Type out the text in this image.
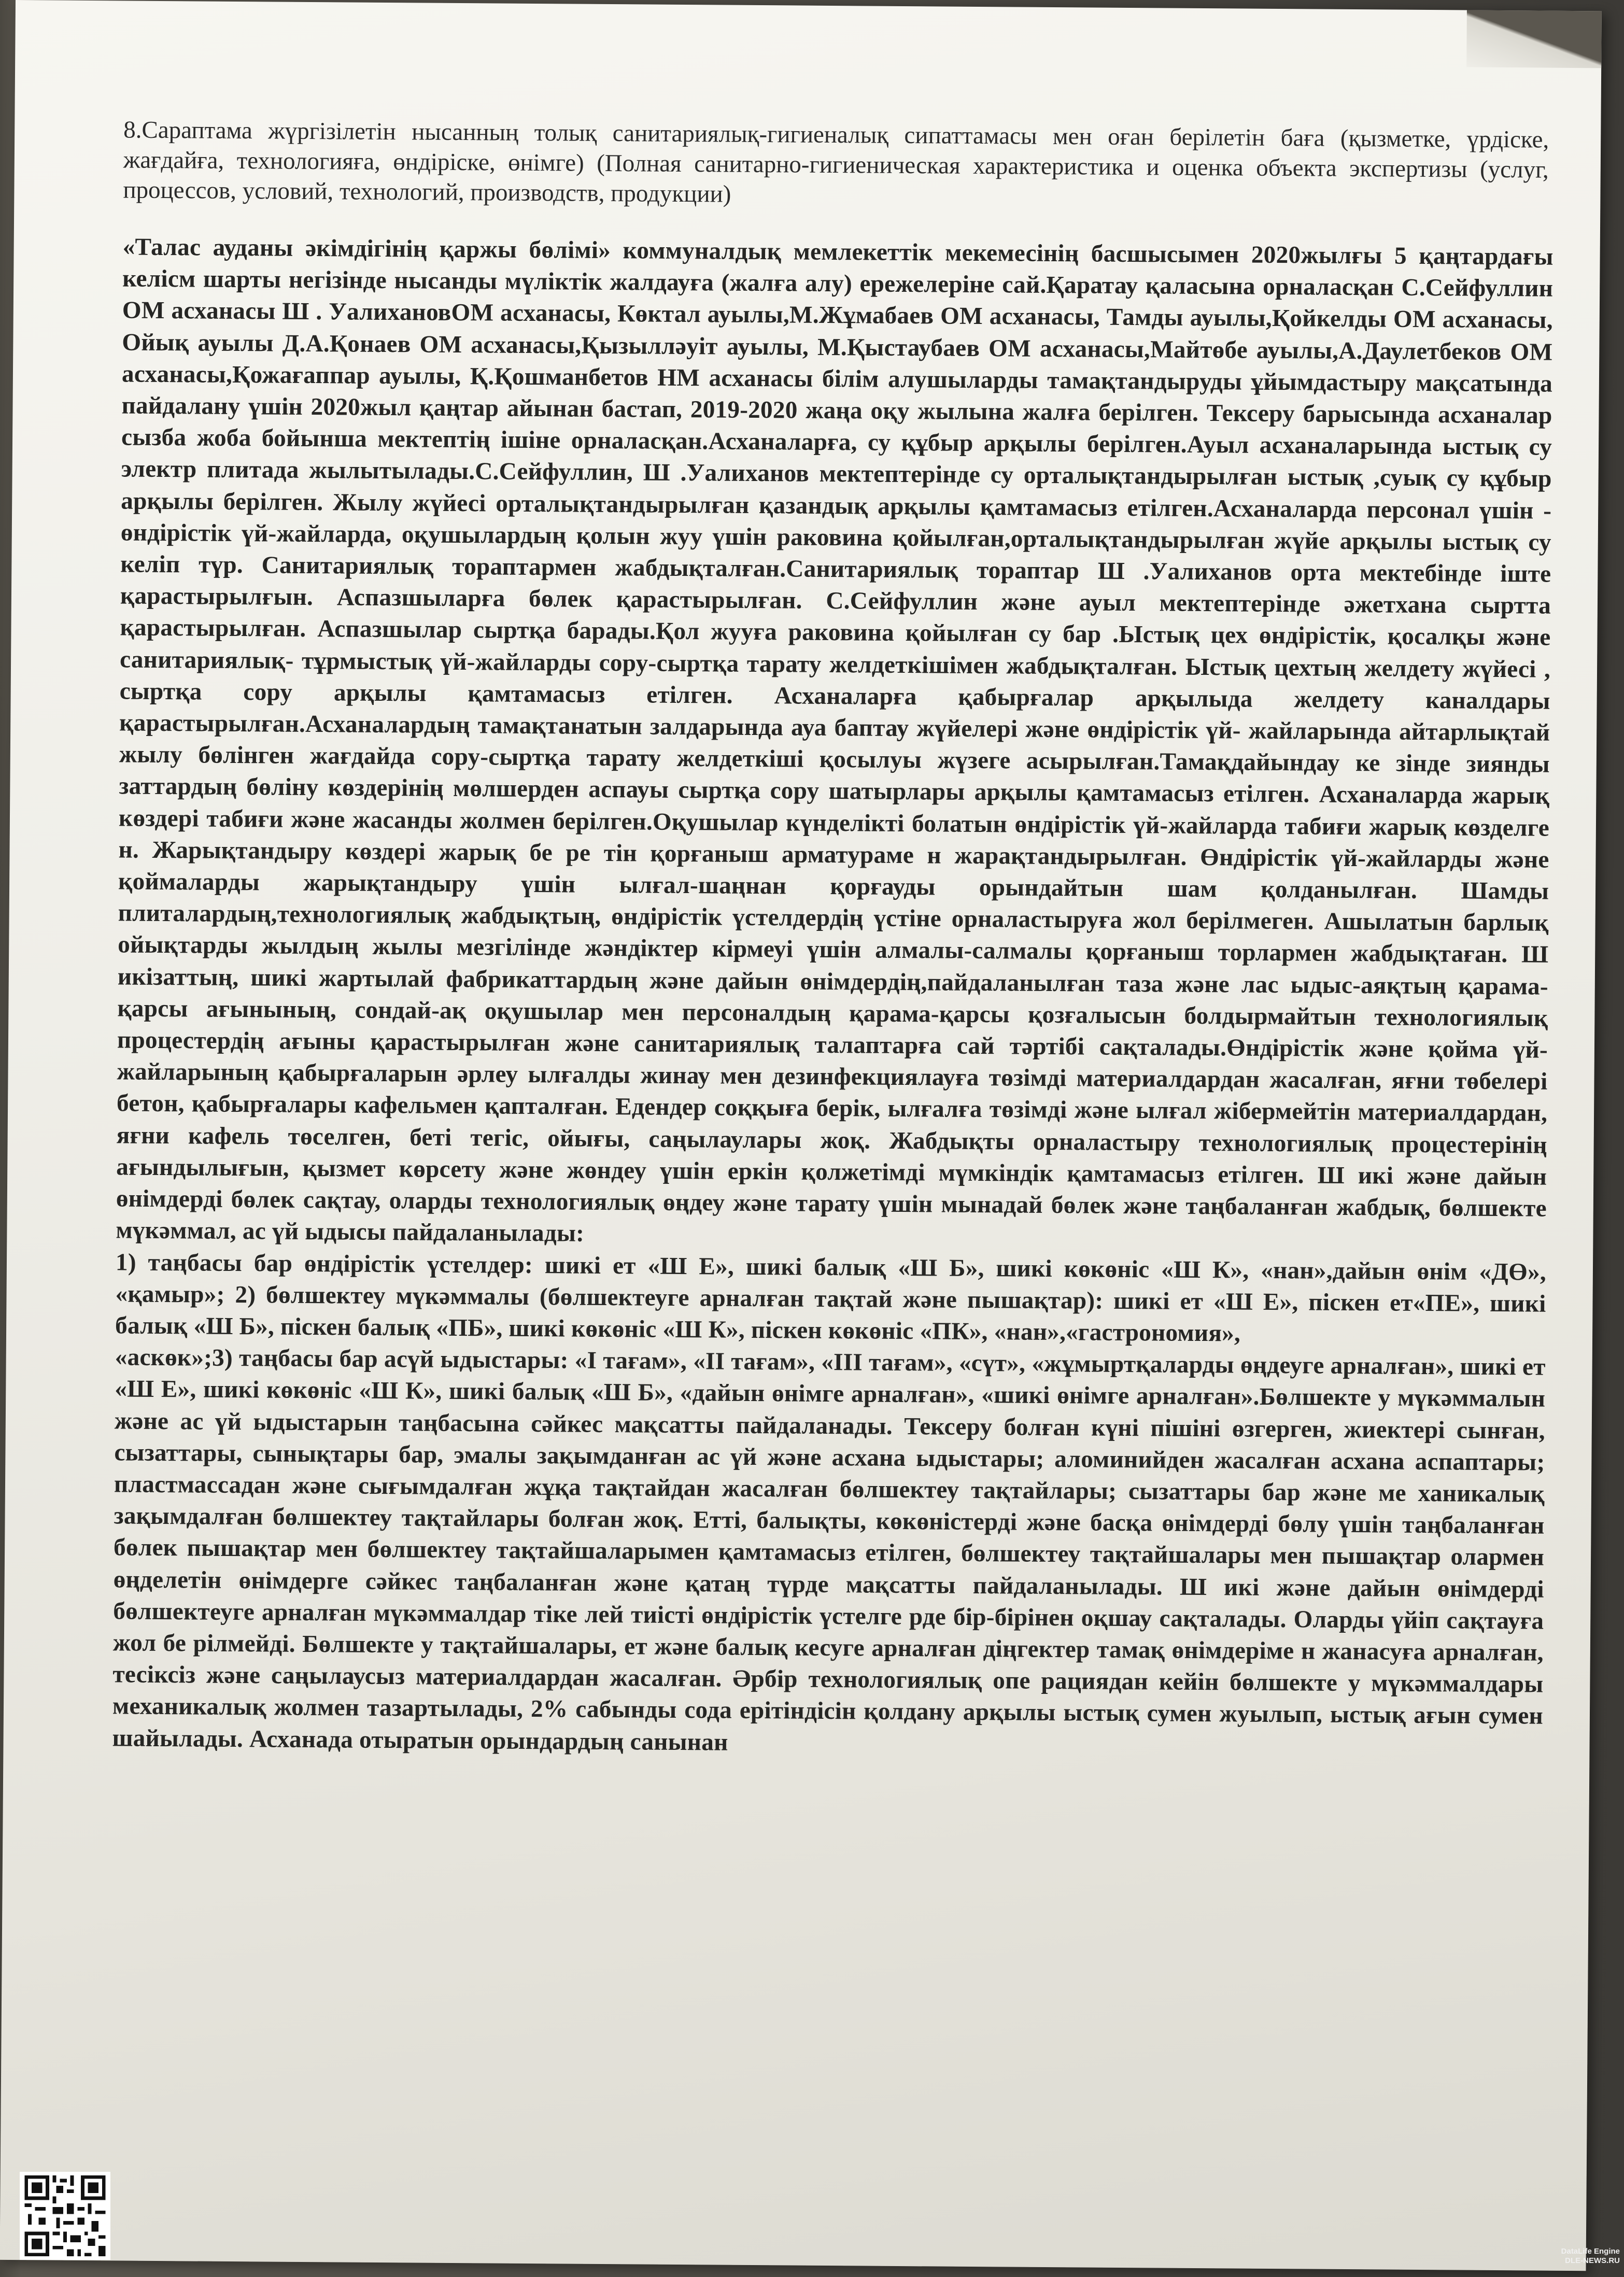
8.Сараптама жүргізілетін нысанның толық санитариялық-гигиеналық сипаттамасы мен оған берілетін баға (қызметке, үрдіске, жағдайға, технологияға, өндіріске, өнімге) (Полная санитарно-гигиеническая характеристика и оценка объекта экспертизы (услуг, процессов, условий, технологий, производств, продукции)
«Талас ауданы әкімдігінің қаржы бөлімі» коммуналдық мемлекеттік мекемесінің басшысымен 2020жылғы 5 қаңтардағы келісм шарты негізінде нысанды мүліктік жалдауға (жалға алу) ережелеріне сай.Қаратау қаласына орналасқан С.Сейфуллин ОМ асханасы Ш . УалихановОМ асханасы, Көктал ауылы,М.Жұмабаев ОМ асханасы, Тамды ауылы,Қойкелды ОМ асханасы, Ойық ауылы Д.А.Қонаев ОМ асханасы,Қызылләуіт ауылы, М.Қыстаубаев ОМ асханасы,Майтөбе ауылы,А.Даулетбеков ОМ асханасы,Қожағаппар ауылы, Қ.Қошманбетов НМ асханасы білім алушыларды тамақтандыруды ұйымдастыру мақсатында пайдалану үшін 2020жыл қаңтар айынан бастап, 2019-2020 жаңа оқу жылына жалға берілген. Тексеру барысында асханалар сызба жоба бойынша мектептің ішіне орналасқан.Асханаларға, су құбыр арқылы берілген.Ауыл асханаларында ыстық су электр плитада жылытылады.С.Сейфуллин, Ш .Уалиханов мектептерінде су орталықтандырылған ыстық ,суық су құбыр арқылы берілген. Жылу жүйесі орталықтандырылған қазандық арқылы қамтамасыз етілген.Асханаларда персонал үшін - өндірістік үй-жайларда, оқушылардың қолын жуу үшін раковина қойылған,орталықтандырылған жүйе арқылы ыстық су келіп түр. Санитариялық тораптармен жабдықталған.Санитариялық тораптар Ш .Уалиханов орта мектебінде іште қарастырылғын. Аспазшыларға бөлек қарастырылған. С.Сейфуллин және ауыл мектептерінде әжетхана сыртта қарастырылған. Аспазшылар сыртқа барады.Қол жууға раковина қойылған су бар .Ыстық цех өндірістік, қосалқы және санитариялық- тұрмыстық үй-жайларды сору-сыртқа тарату желдеткішімен жабдықталған. Ыстық цехтың желдету жүйесі , сыртқа сору арқылы қамтамасыз етілген. Асханаларға қабырғалар арқылыда желдету каналдары қарастырылған.Асханалардың тамақтанатын залдарында ауа баптау жүйелері және өндірістік үй- жайларында айтарлықтай жылу бөлінген жағдайда сору-сыртқа тарату желдеткішi қосылуы жүзеге асырылған.Тамақдайындау ке зінде зиянды заттардың бөліну көздерінің мөлшерден аспауы сыртқа сору шатырлары арқылы қамтамасыз етілген. Асханаларда жарық көздері табиғи және жасанды жолмен берілген.Оқушылар күнделікті болатын өндірістік үй-жайларда табиғи жарық көзделге н. Жарықтандыру көздері жарық бе ре тін қорғаныш арматураме н жарақтандырылған. Өндірістік үй-жайларды және қоймаларды жарықтандыру үшін ылғал-шаңнан қорғауды орындайтын шам қолданылған. Шамды плиталардың,технологиялық жабдықтың, өндірістік үстелдердің үстіне орналастыруға жол берілмеген. Ашылатын барлық ойықтарды жылдың жылы мезгілінде жәндіктер кірмеуі үшін алмалы-салмалы қорғаныш торлармен жабдықтаған. Ш икізаттың, шикі жартылай фабрикаттардың және дайын өнімдердің,пайдаланылған таза және лас ыдыс-аяқтың қарама-қарсы ағынының, сондай-ақ оқушылар мен персоналдың қарама-қарсы қозғалысын болдырмайтын технологиялық процестердің ағыны қарастырылған және санитариялық талаптарға сай тәртібі сақталады.Өндірістік және қойма үй-жайларының қабырғаларын әрлеу ылғалды жинау мен дезинфекциялауға төзімді материалдардан жасалған, яғни төбелері бетон, қабырғалары кафельмен қапталған. Едендер соққыға берік, ылғалға төзімді және ылғал жібермейтін материалдардан, яғни кафель төселген, беті тегіс, ойығы, саңылаулары жоқ. Жабдықты орналастыру технологиялық процестерінің ағындылығын, қызмет көрсету және жөндеу үшін еркін қолжетімді мүмкіндік қамтамасыз етілген. Ш икі және дайын өнімдерді бөлек сақтау, оларды технологиялық өңдеу және тарату үшін мынадай бөлек және таңбаланған жабдық, бөлшекте мүкәммал, ас үй ыдысы пайдаланылады:
1) таңбасы бар өндірістік үстелдер: шикі ет «Ш Е», шикі балық «Ш Б», шикі көкөніс «Ш К», «нан»,дайын өнім «ДӨ», «қамыр»; 2) бөлшектеу мүкәммалы (бөлшектеуге арналған тақтай және пышақтар): шикі ет «Ш Е», піскен ет«ПЕ», шикі балық «Ш Б», піскен балық «ПБ», шикі көкөніс «Ш К», піскен көкөніс «ПК», «нан»,«гастрономия»,
«аскөк»;3) таңбасы бар асүй ыдыстары: «І тағам», «ІІ тағам», «ІІІ тағам», «сүт», «жұмыртқаларды өңдеуге арналған», шикі ет «Ш Е», шикі көкөніс «Ш К», шикі балық «Ш Б», «дайын өнімге арналған», «шикі өнімге арналған».Бөлшекте у мүкәммалын және ас үй ыдыстарын таңбасына сәйкес мақсатты пайдаланады. Тексеру болған күні пішіні өзгерген, жиектері сынған, сызаттары, сынықтары бар, эмалы зақымданған ас үй және асхана ыдыстары; аломинийден жасалған асхана аспаптары; пластмассадан және сығымдалған жұқа тақтайдан жасалған бөлшектеу тақтайлары; сызаттары бар және ме ханикалық зақымдалған бөлшектеу тақтайлары болған жоқ. Етті, балықты, көкөністерді және басқа өнімдерді бөлу үшін таңбаланған бөлек пышақтар мен бөлшектеу тақтайшаларымен қамтамасыз етілген, бөлшектеу тақтайшалары мен пышақтар олармен өңделетін өнімдерге сәйкес таңбаланған және қатаң түрде мақсатты пайдаланылады. Ш икі және дайын өнімдерді бөлшектеуге арналған мүкәммалдар тіке лей тиісті өндірістік үстелге рде бір-бірінен оқшау сақталады. Оларды үйіп сақтауға жол бе рілмейді. Бөлшекте у тақтайшалары, ет және балық кесуге арналған діңгектер тамақ өнімдеріме н жанасуға арналған, тесіксіз және саңылаусыз материалдардан жасалған. Әрбір технологиялық опе рациядан кейін бөлшекте у мүкәммалдары механикалық жолмен тазартылады, 2% сабынды сода ерітіндісін қолдану арқылы ыстық сумен жуылып, ыстық ағын сумен шайылады. Асханада отыратын орындардың санынан
DataLife Engine
DLE-NEWS.RU
